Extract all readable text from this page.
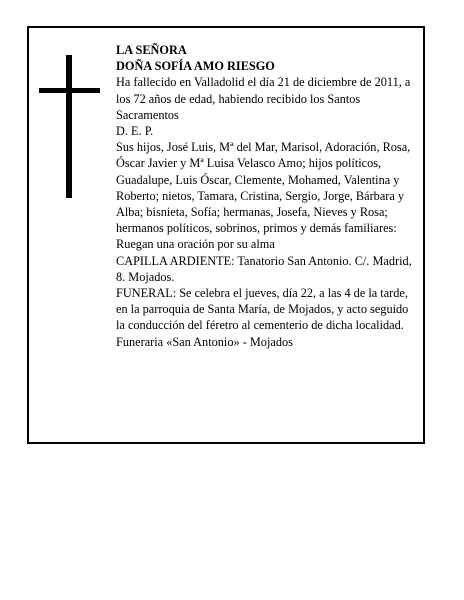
LA SEÑORA

DOÑA SOFÍA AMO RIESGO

Ha fallecido en Valladolid el día 21 de diciembre de 2011, a los 72 años de edad, habiendo recibido los Santos Sacramentos

D. E. P.

Sus hijos, José Luis, Mª del Mar, Marisol, Adoración, Rosa, Óscar Javier y Mª Luisa Velasco Amo; hijos políticos, Guadalupe, Luis Óscar, Clemente, Mohamed, Valentina y Roberto; nietos, Tamara, Cristina, Sergio, Jorge, Bárbara y Alba; bisnieta, Sofía; hermanas, Josefa, Nieves y Rosa; hermanos políticos, sobrinos, primos y demás familiares:

Ruegan una oración por su alma

CAPILLA ARDIENTE: Tanatorio San Antonio. C/. Madrid, 8. Mojados.

FUNERAL: Se celebra el jueves, día 22, a las 4 de la tarde, en la parroquia de Santa María, de Mojados, y acto seguido la conducción del féretro al cementerio de dicha localidad.

Funeraria «San Antonio» - Mojados
